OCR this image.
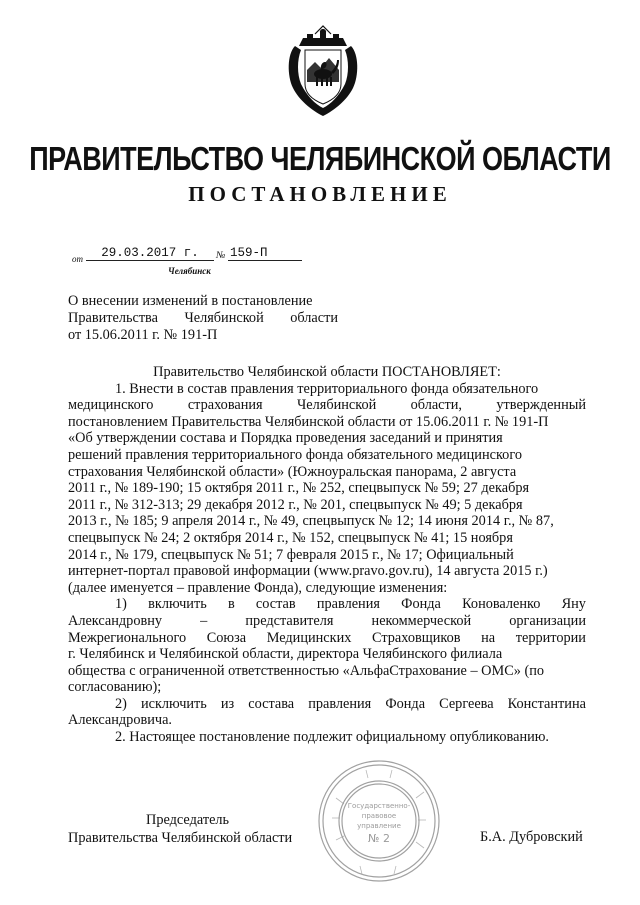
ПРАВИТЕЛЬСТВО ЧЕЛЯБИНСКОЙ ОБЛАСТИ
ПОСТАНОВЛЕНИЕ
от	29.03.2017 г.	№ 159-П
Челябинск
О внесении изменений в постановление
Правительства Челябинской области
от 15.06.2011 г. № 191-П
Правительство Челябинской области ПОСТАНОВЛЯЕТ:
1. Внести в состав правления территориального фонда обязательного
медицинского страхования Челябинской области, утвержденный
постановлением Правительства Челябинской области от 15.06.2011 г. № 191-П
«Об утверждении состава и Порядка проведения заседаний и принятия
решений правления территориального фонда обязательного медицинского
страхования Челябинской области» (Южноуральская панорама, 2 августа
2011 г., № 189-190; 15 октября 2011 г., № 252, спецвыпуск № 59; 27 декабря
2011 г., № 312-313; 29 декабря 2012 г., № 201, спецвыпуск № 49; 5 декабря
2013 г., № 185; 9 апреля 2014 г., № 49, спецвыпуск № 12; 14 июня 2014 г., № 87,
спецвыпуск № 24; 2 октября 2014 г., № 152, спецвыпуск № 41; 15 ноября
2014 г., № 179, спецвыпуск № 51; 7 февраля 2015 г., № 17; Официальный
интернет-портал правовой информации (www.pravo.gov.ru), 14 августа 2015 г.)
(далее именуется – правление Фонда), следующие изменения:
1) включить в состав правления Фонда Коноваленко Яну
Александровну	–	представителя	некоммерческой	организации
Межрегионального Союза Медицинских Страховщиков на территории
г. Челябинск и Челябинской области, директора Челябинского филиала
общества с ограниченной ответственностью «АльфаСтрахование – ОМС» (по
согласованию);
2) исключить из состава правления Фонда Сергеева Константина
Александровича.
2. Настоящее постановление подлежит официальному опубликованию.
Государственно-
правовое
управление
№ 2
Председатель
Правительства Челябинской области	Б.А. Дубровский
